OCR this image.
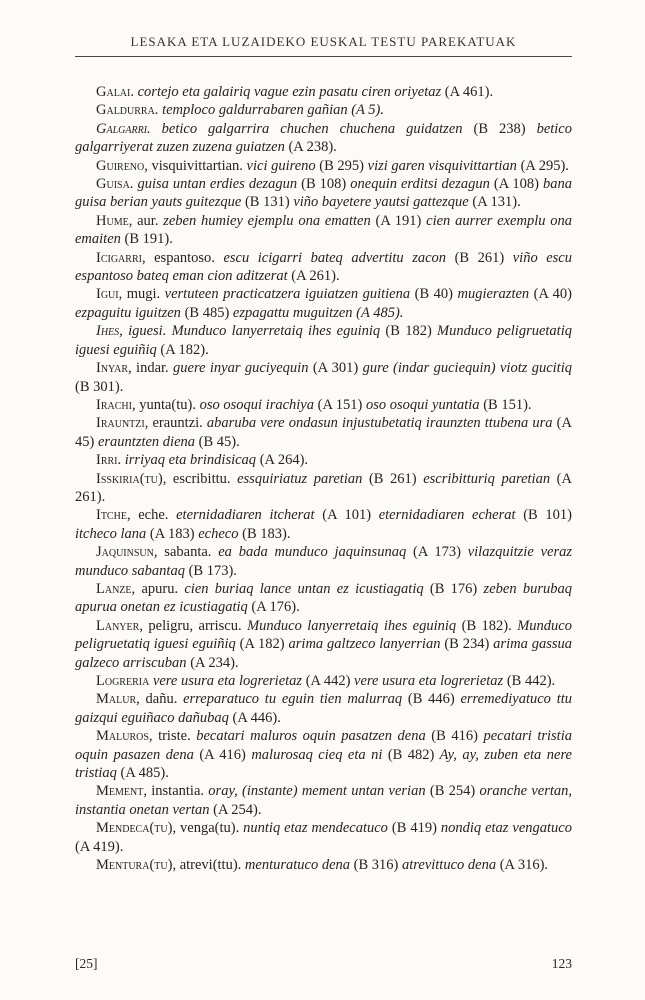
LESAKA ETA LUZAIDEKO EUSKAL TESTU PAREKATUAK

Galai. cortejo eta galairiq vague ezin pasatu ciren oriyetaz (A 461).

Galdurra. temploco galdurrabaren gañian (A 5).

Galgarri. betico galgarrira chuchen chuchena guidatzen (B 238) betico galgarriyerat zuzen zuzena guiatzen (A 238).

Guireno, visquivittartian. vici guireno (B 295) vizi garen visquivittartian (A 295).

Guisa. guisa untan erdies dezagun (B 108) onequin erditsi dezagun (A 108) bana guisa berian yauts guitezque (B 131) viño bayetere yautsi gattezque (A 131).

Hume, aur. zeben humiey ejemplu ona ematten (A 191) cien aurrer exemplu ona emaiten (B 191).

Icigarri, espantoso. escu icigarri bateq advertitu zacon (B 261) viño escu espantoso bateq eman cion aditzerat (A 261).

Igui, mugi. vertuteen practicatzera iguiatzen guitiena (B 40) mugierazten (A 40) ezpaguitu iguitzen (B 485) ezpagattu muguitzen (A 485).

Ihes, iguesi. Munduco lanyerretaiq ihes eguiniq (B 182) Munduco peligruetatiq iguesi eguiñiq (A 182).

Inyar, indar. guere inyar guciyequin (A 301) gure (indar guciequin) viotz gucitiq (B 301).

Irachi, yunta(tu). oso osoqui irachiya (A 151) oso osoqui yuntatia (B 151).

Irauntzi, erauntzi. abaruba vere ondasun injustubetatiq iraunzten ttubena ura (A 45) erauntzten diena (B 45).

Irri. irriyaq eta brindisicaq (A 264).

Isskiria(tu), escribittu. essquiriatuz paretian (B 261) escribitturiq paretian (A 261).

Itche, eche. eternidadiaren itcherat (A 101) eternidadiaren echerat (B 101) itcheco lana (A 183) echeco (B 183).

Jaquinsun, sabanta. ea bada munduco jaquinsunaq (A 173) vilazquitzie veraz munduco sabantaq (B 173).

Lanze, apuru. cien buriaq lance untan ez icustiagatiq (B 176) zeben burubaq apurua onetan ez icustiagatiq (A 176).

Lanyer, peligru, arriscu. Munduco lanyerretaiq ihes eguiniq (B 182). Munduco peligruetatiq iguesi eguiñiq (A 182) arima galtzeco lanyerrian (B 234) arima gassua galzeco arriscuban (A 234).

Logreria vere usura eta logrerietaz (A 442) vere usura eta logrerietaz (B 442).

Malur, dañu. erreparatuco tu eguin tien malurraq (B 446) erremediyatuco ttu gaizqui eguiñaco dañubaq (A 446).

Maluros, triste. becatari maluros oquin pasatzen dena (B 416) pecatari tristia oquin pasazen dena (A 416) malurosaq cieq eta ni (B 482) Ay, ay, zuben eta nere tristiaq (A 485).

Mement, instantia. oray, (instante) mement untan verian (B 254) oranche vertan, instantia onetan vertan (A 254).

Mendeca(tu), venga(tu). nuntiq etaz mendecatuco (B 419) nondiq etaz vengatuco (A 419).

Mentura(tu), atrevi(ttu). menturatuco dena (B 316) atrevittuco dena (A 316).

[25]	123
